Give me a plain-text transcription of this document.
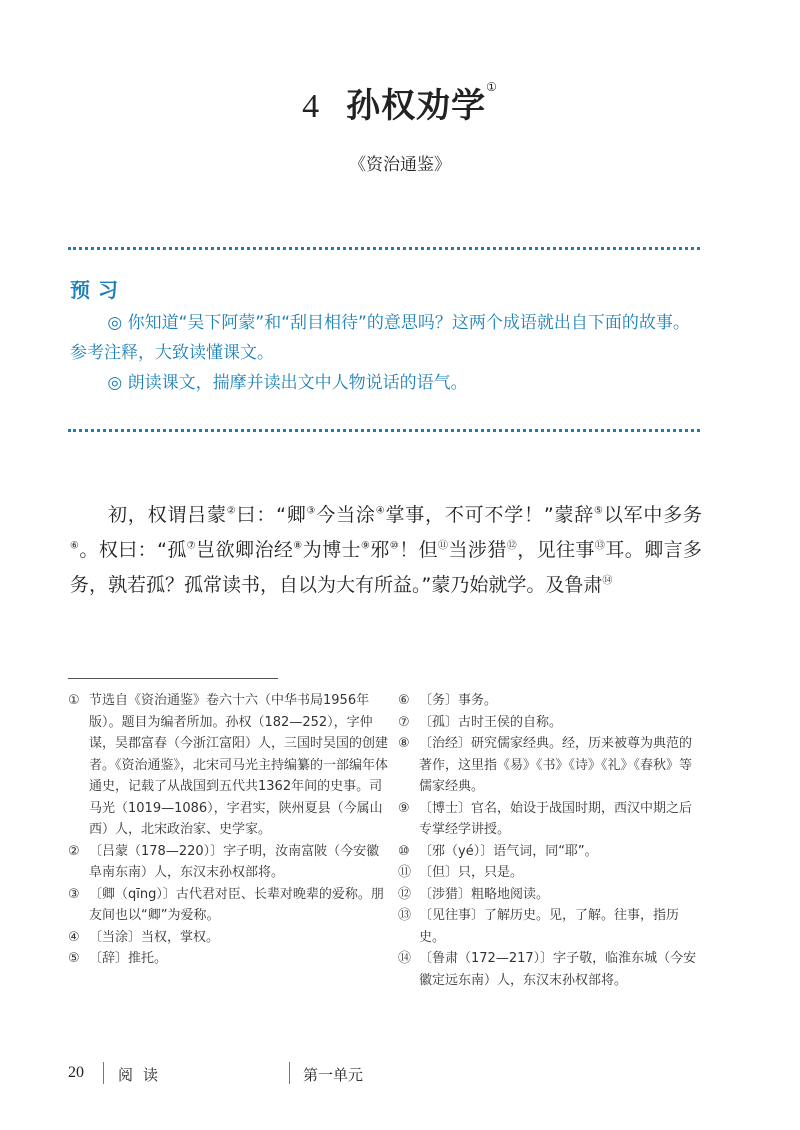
4 孙权劝学①
《资治通鉴》
预习

◎ 你知道“吴下阿蒙”和“刮目相待”的意思吗？这两个成语就出自下面的故事。参考注释，大致读懂课文。

◎ 朗读课文，揣摩并读出文中人物说话的语气。

初，权谓吕蒙②曰：“卿③今当涂④掌事，不可不学！”蒙辞⑤以军中多务⑥。权曰：“孤⑦岂欲卿治经⑧为博士⑨邪⑩！但⑪当涉猎⑫，见往事⑬耳。卿言多务，孰若孤？孤常读书，自以为大有所益。”蒙乃始就学。及鲁肃⑭

① 节选自《资治通鉴》卷六十六（中华书局1956年版）。题目为编者所加。孙权（182—252），字仲谋，吴郡富春（今浙江富阳）人，三国时吴国的创建者。《资治通鉴》，北宋司马光主持编纂的一部编年体通史，记载了从战国到五代共1362年间的史事。司马光（1019—1086），字君实，陕州夏县（今属山西）人，北宋政治家、史学家。

② 〔吕蒙（178—220）〕字子明，汝南富陂（今安徽阜南东南）人，东汉末孙权部将。

③ 〔卿（qīng）〕古代君对臣、长辈对晚辈的爱称。朋友间也以“卿”为爱称。

④ 〔当涂〕当权，掌权。

⑤ 〔辞〕推托。

⑥ 〔务〕事务。

⑦ 〔孤〕古时王侯的自称。

⑧ 〔治经〕研究儒家经典。经，历来被尊为典范的著作，这里指《易》《书》《诗》《礼》《春秋》等儒家经典。

⑨ 〔博士〕官名，始设于战国时期，西汉中期之后专掌经学讲授。

⑩ 〔邪（yé）〕语气词，同“耶”。

⑪ 〔但〕只，只是。

⑫ 〔涉猎〕粗略地阅读。

⑬ 〔见往事〕了解历史。见，了解。往事，指历史。

⑭ 〔鲁肃（172—217）〕字子敬，临淮东城（今安徽定远东南）人，东汉末孙权部将。

20 阅读	第一单元
